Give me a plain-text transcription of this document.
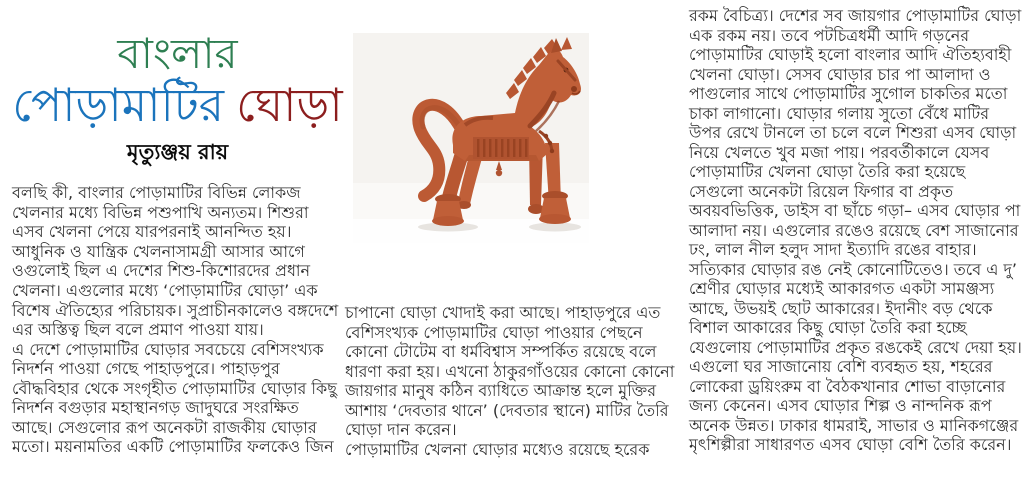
বাংলার
পোড়ামাটির ঘোড়া
মৃত্যুঞ্জয় রায়

বলছি কী, বাংলার পোড়ামাটির বিভিন্ন লোকজ খেলনার মধ্যে বিভিন্ন পশুপাখি অন্যতম। শিশুরা এসব খেলনা পেয়ে যারপরনাই আনন্দিত হয়। আধুনিক ও যান্ত্রিক খেলনাসামগ্রী আসার আগে ওগুলোই ছিল এ দেশের শিশু-কিশোরদের প্রধান খেলনা। এগুলোর মধ্যে ‘পোড়ামাটির ঘোড়া’ এক বিশেষ ঐতিহ্যের পরিচায়ক। সুপ্রাচীনকালেও বঙ্গদেশে এর অস্তিত্ব ছিল বলে প্রমাণ পাওয়া যায়।

এ দেশে পোড়ামাটির ঘোড়ার সবচেয়ে বেশিসংখ্যক নিদর্শন পাওয়া গেছে পাহাড়পুরে। পাহাড়পুর বৌদ্ধবিহার থেকে সংগৃহীত পোড়ামাটির ঘোড়ার কিছু নিদর্শন বগুড়ার মহাস্থানগড় জাদুঘরে সংরক্ষিত আছে। সেগুলোর রূপ অনেকটা রাজকীয় ঘোড়ার মতো। ময়নামতির একটি পোড়ামাটির ফলকেও জিন

চাপানো ঘোড়া খোদাই করা আছে। পাহাড়পুরে এত বেশিসংখ্যক পোড়ামাটির ঘোড়া পাওয়ার পেছনে কোনো টোটেম বা ধর্মবিশ্বাস সম্পর্কিত রয়েছে বলে ধারণা করা হয়। এখনো ঠাকুরগাঁওয়ের কোনো কোনো জায়গার মানুষ কঠিন ব্যাধিতে আক্রান্ত হলে মুক্তির আশায় ‘দেবতার থানে’ (দেবতার স্থানে) মাটির তৈরি ঘোড়া দান করেন।

পোড়ামাটির খেলনা ঘোড়ার মধ্যেও রয়েছে হরেক

রকম বৈচিত্র্য। দেশের সব জায়গার পোড়ামাটির ঘোড়া এক রকম নয়। তবে পটচিত্রধর্মী আদি গড়নের পোড়ামাটির ঘোড়াই হলো বাংলার আদি ঐতিহ্যবাহী খেলনা ঘোড়া। সেসব ঘোড়ার চার পা আলাদা ও পাগুলোর সাথে পোড়ামাটির সুগোল চাকতির মতো চাকা লাগানো। ঘোড়ার গলায় সুতো বেঁধে মাটির উপর রেখে টানলে তা চলে বলে শিশুরা এসব ঘোড়া নিয়ে খেলতে খুব মজা পায়। পরবর্তীকালে যেসব পোড়ামাটির খেলনা ঘোড়া তৈরি করা হয়েছে সেগুলো অনেকটা রিয়েল ফিগার বা প্রকৃত অবয়বভিত্তিক, ডাইস বা ছাঁচে গড়া– এসব ঘোড়ার পা আলাদা নয়। এগুলোর রঙেও রয়েছে বেশ সাজানোর ঢং, লাল নীল হলুদ সাদা ইত্যাদি রঙের বাহার। সত্যিকার ঘোড়ার রঙ নেই কোনোটিতেও। তবে এ দু’ শ্রেণীর ঘোড়ার মধ্যেই আকারগত একটা সামঞ্জস্য আছে, উভয়ই ছোট আকারের। ইদানীং বড় থেকে বিশাল আকারের কিছু ঘোড়া তৈরি করা হচ্ছে যেগুলোয় পোড়ামাটির প্রকৃত রঙকেই রেখে দেয়া হয়। এগুলো ঘর সাজানোয় বেশি ব্যবহৃত হয়, শহরের লোকেরা ড্রয়িংরুম বা বৈঠকখানার শোভা বাড়ানোর জন্য কেনেন। এসব ঘোড়ার শিল্প ও নান্দনিক রূপ অনেক উন্নত। ঢাকার ধামরাই, সাভার ও মানিকগঞ্জের মৃৎশিল্পীরা সাধারণত এসব ঘোড়া বেশি তৈরি করেন।
